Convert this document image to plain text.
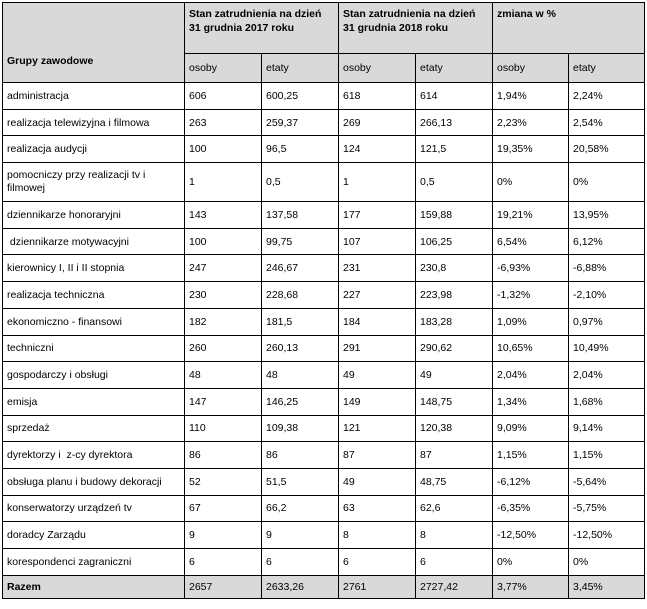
Grupy zawodowe	Stan zatrudnienia na dzień 31 grudnia 2017 roku		Stan zatrudnienia na dzień 31 grudnia 2018 roku		zmiana w %	
	osoby	etaty	osoby	etaty	osoby	etaty
administracja	606	600,25	618	614	1,94%	2,24%
realizacja telewizyjna i filmowa	263	259,37	269	266,13	2,23%	2,54%
realizacja audycji	100	96,5	124	121,5	19,35%	20,58%
pomocniczy przy realizacji tv i filmowej	1	0,5	1	0,5	0%	0%
dziennikarze honoraryjni	143	137,58	177	159,88	19,21%	13,95%
dziennikarze motywacyjni	100	99,75	107	106,25	6,54%	6,12%
kierownicy I, II i II stopnia	247	246,67	231	230,8	-6,93%	-6,88%
realizacja techniczna	230	228,68	227	223,98	-1,32%	-2,10%
ekonomiczno - finansowi	182	181,5	184	183,28	1,09%	0,97%
techniczni	260	260,13	291	290,62	10,65%	10,49%
gospodarczy i obsługi	48	48	49	49	2,04%	2,04%
emisja	147	146,25	149	148,75	1,34%	1,68%
sprzedaż	110	109,38	121	120,38	9,09%	9,14%
dyrektorzy i  z-cy dyrektora	86	86	87	87	1,15%	1,15%
obsługa planu i budowy dekoracji	52	51,5	49	48,75	-6,12%	-5,64%
konserwatorzy urządzeń tv	67	66,2	63	62,6	-6,35%	-5,75%
doradcy Zarządu	9	9	8	8	-12,50%	-12,50%
korespondenci zagraniczni	6	6	6	6	0%	0%
Razem	2657	2633,26	2761	2727,42	3,77%	3,45%
